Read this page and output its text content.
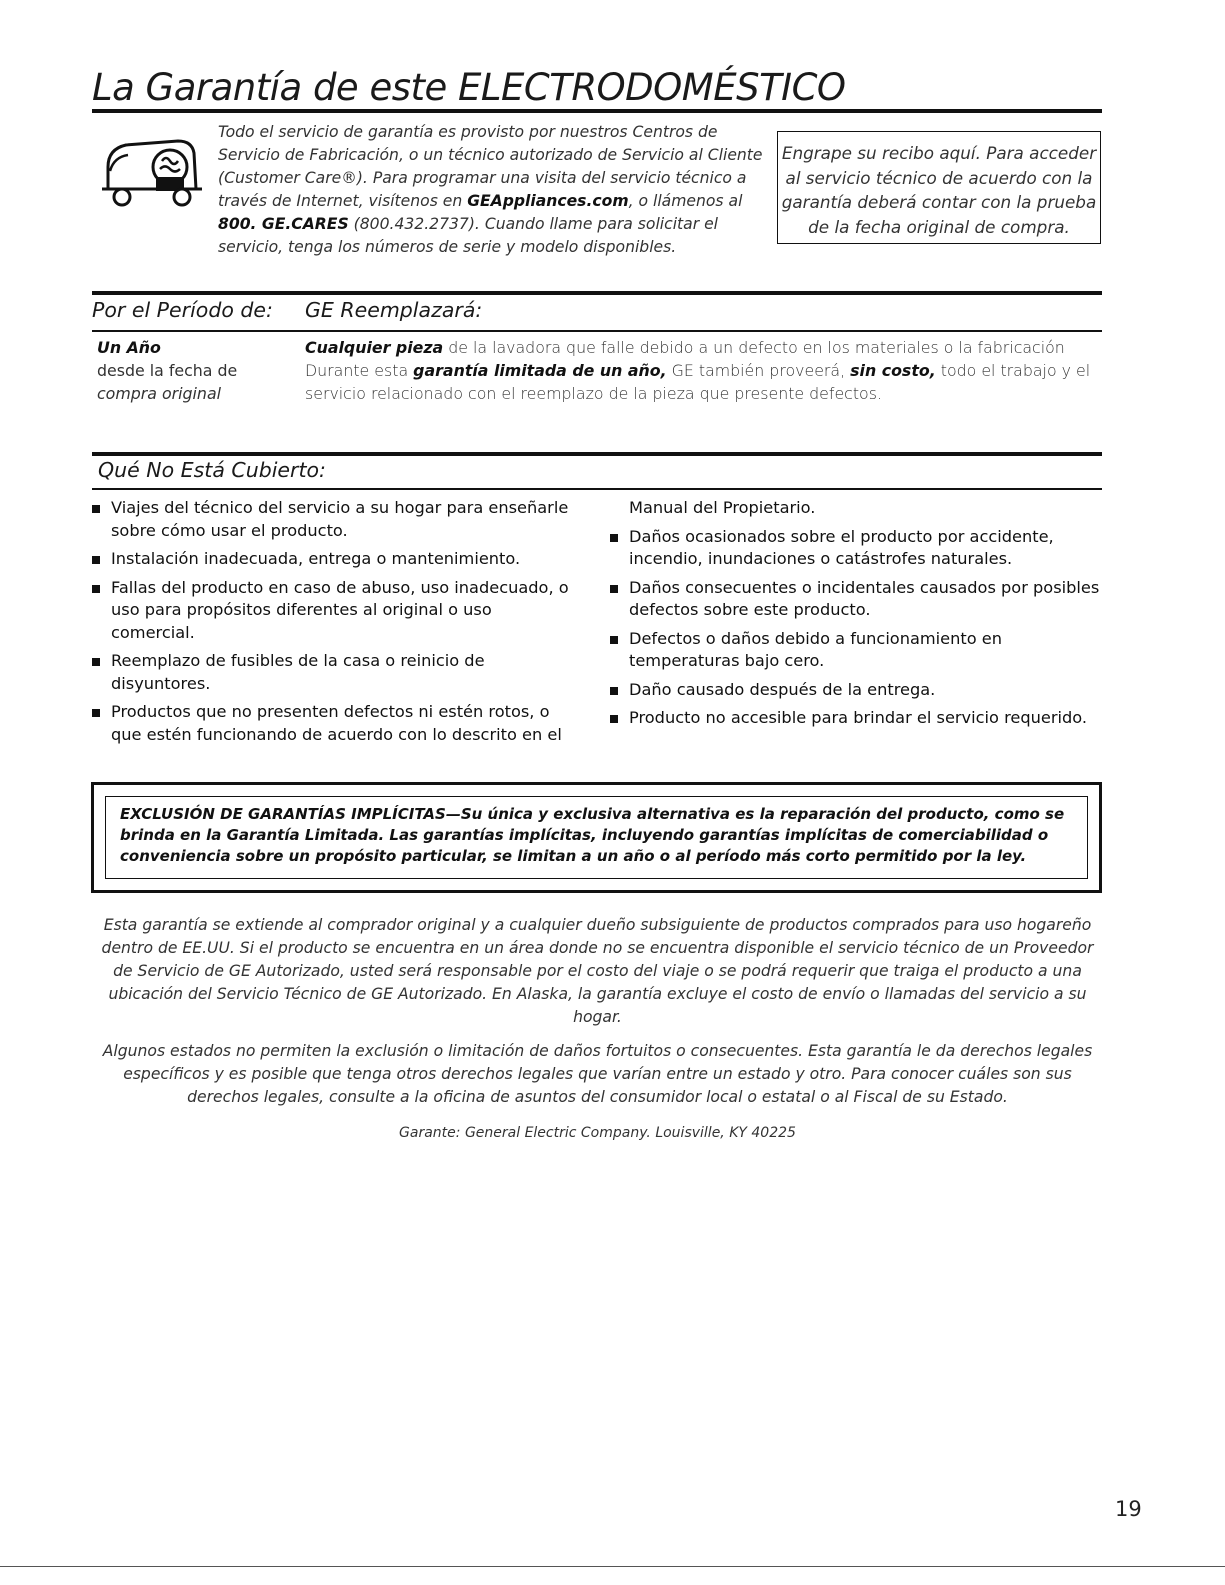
La Garantía de este ELECTRODOMÉSTICO
Todo el servicio de garantía es provisto por nuestros Centros de Servicio de Fabricación, o un técnico autorizado de Servicio al Cliente (Customer Care®). Para programar una visita del servicio técnico a través de Internet, visítenos en GEAppliances.com, o llámenos al 800. GE.CARES (800.432.2737). Cuando llame para solicitar el servicio, tenga los números de serie y modelo disponibles.
Engrape su recibo aquí. Para acceder al servicio técnico de acuerdo con la garantía deberá contar con la prueba de la fecha original de compra.
Por el Período de: GE Reemplazará:
Un Año
desde la fecha de
compra original
Cualquier pieza de la lavadora que falle debido a un defecto en los materiales o la fabricación Durante esta garantía limitada de un año, GE también proveerá, sin costo, todo el trabajo y el servicio relacionado con el reemplazo de la pieza que presente defectos.
Qué No Está Cubierto:
Viajes del técnico del servicio a su hogar para enseñarle sobre cómo usar el producto.
Instalación inadecuada, entrega o mantenimiento.
Fallas del producto en caso de abuso, uso inadecuado, o uso para propósitos diferentes al original o uso comercial.
Reemplazo de fusibles de la casa o reinicio de disyuntores.
Productos que no presenten defectos ni estén rotos, o que estén funcionando de acuerdo con lo descrito en el
Manual del Propietario.
Daños ocasionados sobre el producto por accidente, incendio, inundaciones o catástrofes naturales.
Daños consecuentes o incidentales causados por posibles defectos sobre este producto.
Defectos o daños debido a funcionamiento en temperaturas bajo cero.
Daño causado después de la entrega.
Producto no accesible para brindar el servicio requerido.
EXCLUSIÓN DE GARANTÍAS IMPLÍCITAS—Su única y exclusiva alternativa es la reparación del producto, como se brinda en la Garantía Limitada. Las garantías implícitas, incluyendo garantías implícitas de comerciabilidad o conveniencia sobre un propósito particular, se limitan a un año o al período más corto permitido por la ley.
Esta garantía se extiende al comprador original y a cualquier dueño subsiguiente de productos comprados para uso hogareño dentro de EE.UU. Si el producto se encuentra en un área donde no se encuentra disponible el servicio técnico de un Proveedor de Servicio de GE Autorizado, usted será responsable por el costo del viaje o se podrá requerir que traiga el producto a una ubicación del Servicio Técnico de GE Autorizado. En Alaska, la garantía excluye el costo de envío o llamadas del servicio a su hogar.
Algunos estados no permiten la exclusión o limitación de daños fortuitos o consecuentes. Esta garantía le da derechos legales específicos y es posible que tenga otros derechos legales que varían entre un estado y otro. Para conocer cuáles son sus derechos legales, consulte a la oficina de asuntos del consumidor local o estatal o al Fiscal de su Estado.
Garante: General Electric Company. Louisville, KY 40225
19
